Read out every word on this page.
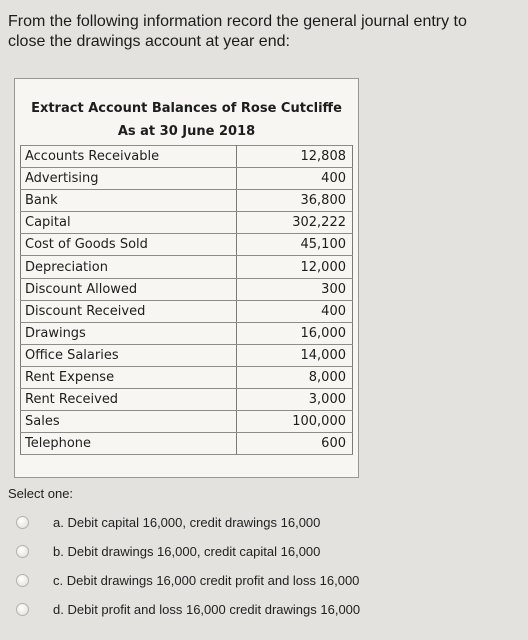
From the following information record the general journal entry to
close the drawings account at year end:
Extract Account Balances of Rose Cutcliffe
As at 30 June 2018
Accounts Receivable	12,808
Advertising	400
Bank	36,800
Capital	302,222
Cost of Goods Sold	45,100
Depreciation	12,000
Discount Allowed	300
Discount Received	400
Drawings	16,000
Office Salaries	14,000
Rent Expense	8,000
Rent Received	3,000
Sales	100,000
Telephone	600
Select one:
a. Debit capital 16,000, credit drawings 16,000
b. Debit drawings 16,000, credit capital 16,000
c. Debit drawings 16,000 credit profit and loss 16,000
d. Debit profit and loss 16,000 credit drawings 16,000
